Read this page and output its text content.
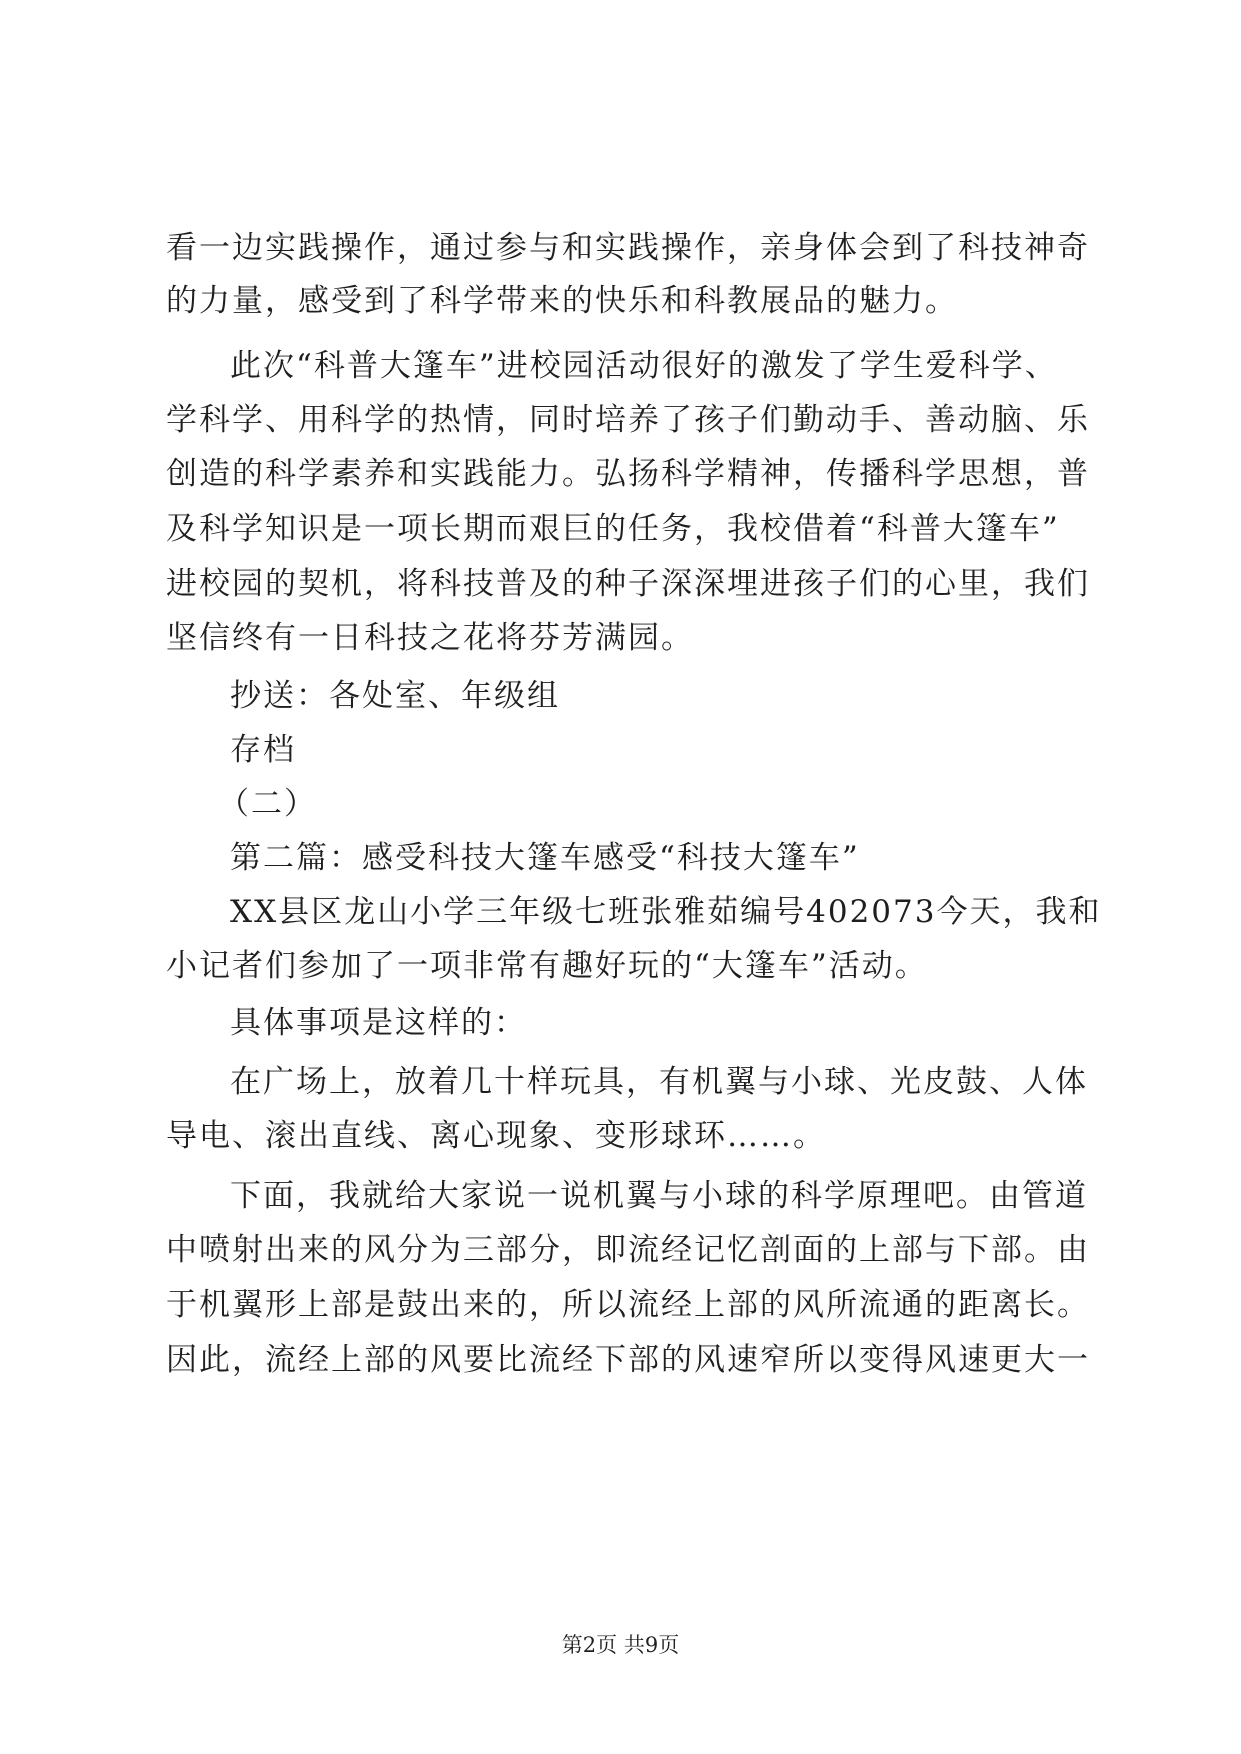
看一边实践操作，通过参与和实践操作，亲身体会到了科技神奇
的力量，感受到了科学带来的快乐和科教展品的魅力。
此次“科普大篷车”进校园活动很好的激发了学生爱科学、
学科学、用科学的热情，同时培养了孩子们勤动手、善动脑、乐
创造的科学素养和实践能力。弘扬科学精神，传播科学思想，普
及科学知识是一项长期而艰巨的任务，我校借着“科普大篷车”
进校园的契机，将科技普及的种子深深埋进孩子们的心里，我们
坚信终有一日科技之花将芬芳满园。
抄送：各处室、年级组
存档
（二）
第二篇：感受科技大篷车感受“科技大篷车”
XX县区龙山小学三年级七班张雅茹编号402073今天，我和
小记者们参加了一项非常有趣好玩的“大篷车”活动。
具体事项是这样的：
在广场上，放着几十样玩具，有机翼与小球、光皮鼓、人体
导电、滚出直线、离心现象、变形球环……。
下面，我就给大家说一说机翼与小球的科学原理吧。由管道
中喷射出来的风分为三部分，即流经记忆剖面的上部与下部。由
于机翼形上部是鼓出来的，所以流经上部的风所流通的距离长。
因此，流经上部的风要比流经下部的风速窄所以变得风速更大一
第2页 共9页
